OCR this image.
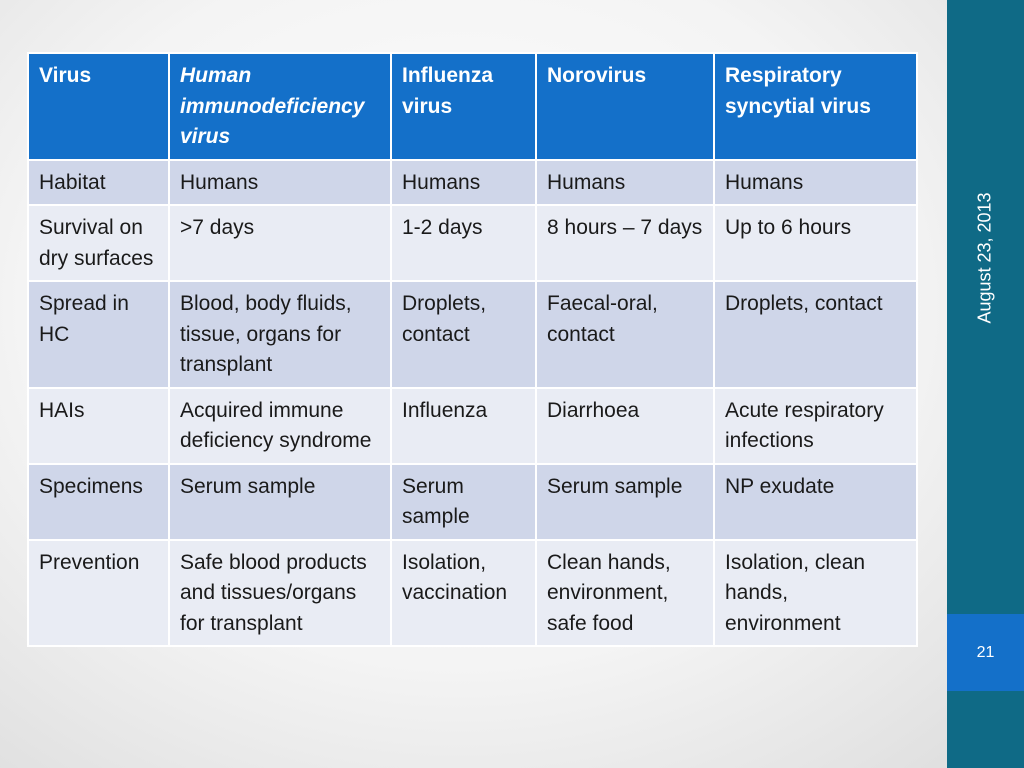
Virus	Human immunodeficiency virus	Influenza virus	Norovirus	Respiratory syncytial virus
Habitat	Humans	Humans	Humans	Humans
Survival on dry surfaces	>7 days	1-2 days	8 hours – 7 days	Up to 6 hours
Spread in HC	Blood, body fluids, tissue, organs for transplant	Droplets, contact	Faecal-oral, contact	Droplets, contact
HAIs	Acquired immune deficiency syndrome	Influenza	Diarrhoea	Acute respiratory infections
Specimens	Serum sample	Serum sample	Serum sample	NP exudate
Prevention	Safe blood products and tissues/organs for transplant	Isolation, vaccination	Clean hands, environment, safe food	Isolation, clean hands, environment
August 23, 2013
21
